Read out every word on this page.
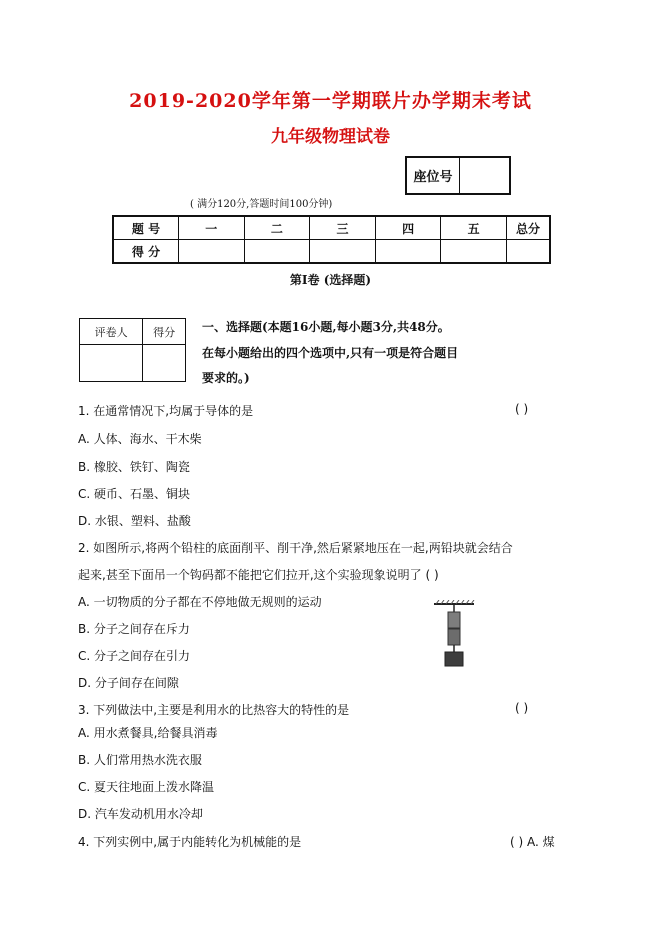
2019-2020学年第一学期联片办学期末考试
九年级物理试卷
座位号
( 满分120分,答题时间100分钟)
题 号	一	二	三	四	五	总分
得 分						
第I卷 (选择题)
评卷人	得分
	一、选择题(本题16小题,每小题3分,共48分。
在每小题给出的四个选项中,只有一项是符合题目
要求的。)
1. 在通常情况下,均属于导体的是	( )
A. 人体、海水、干木柴
B. 橡胶、铁钉、陶瓷
C. 硬币、石墨、铜块
D. 水银、塑料、盐酸
2. 如图所示,将两个铅柱的底面削平、削干净,然后紧紧地压在一起,两铅块就会结合
起来,甚至下面吊一个钩码都不能把它们拉开,这个实验现象说明了 ( )
A. 一切物质的分子都在不停地做无规则的运动
B. 分子之间存在斥力
C. 分子之间存在引力
D. 分子间存在间隙
3. 下列做法中,主要是利用水的比热容大的特性的是	( )
A. 用水煮餐具,给餐具消毒
B. 人们常用热水洗衣服
C. 夏天往地面上泼水降温
D. 汽车发动机用水冷却
4. 下列实例中,属于内能转化为机械能的是	( ) A. 煤
